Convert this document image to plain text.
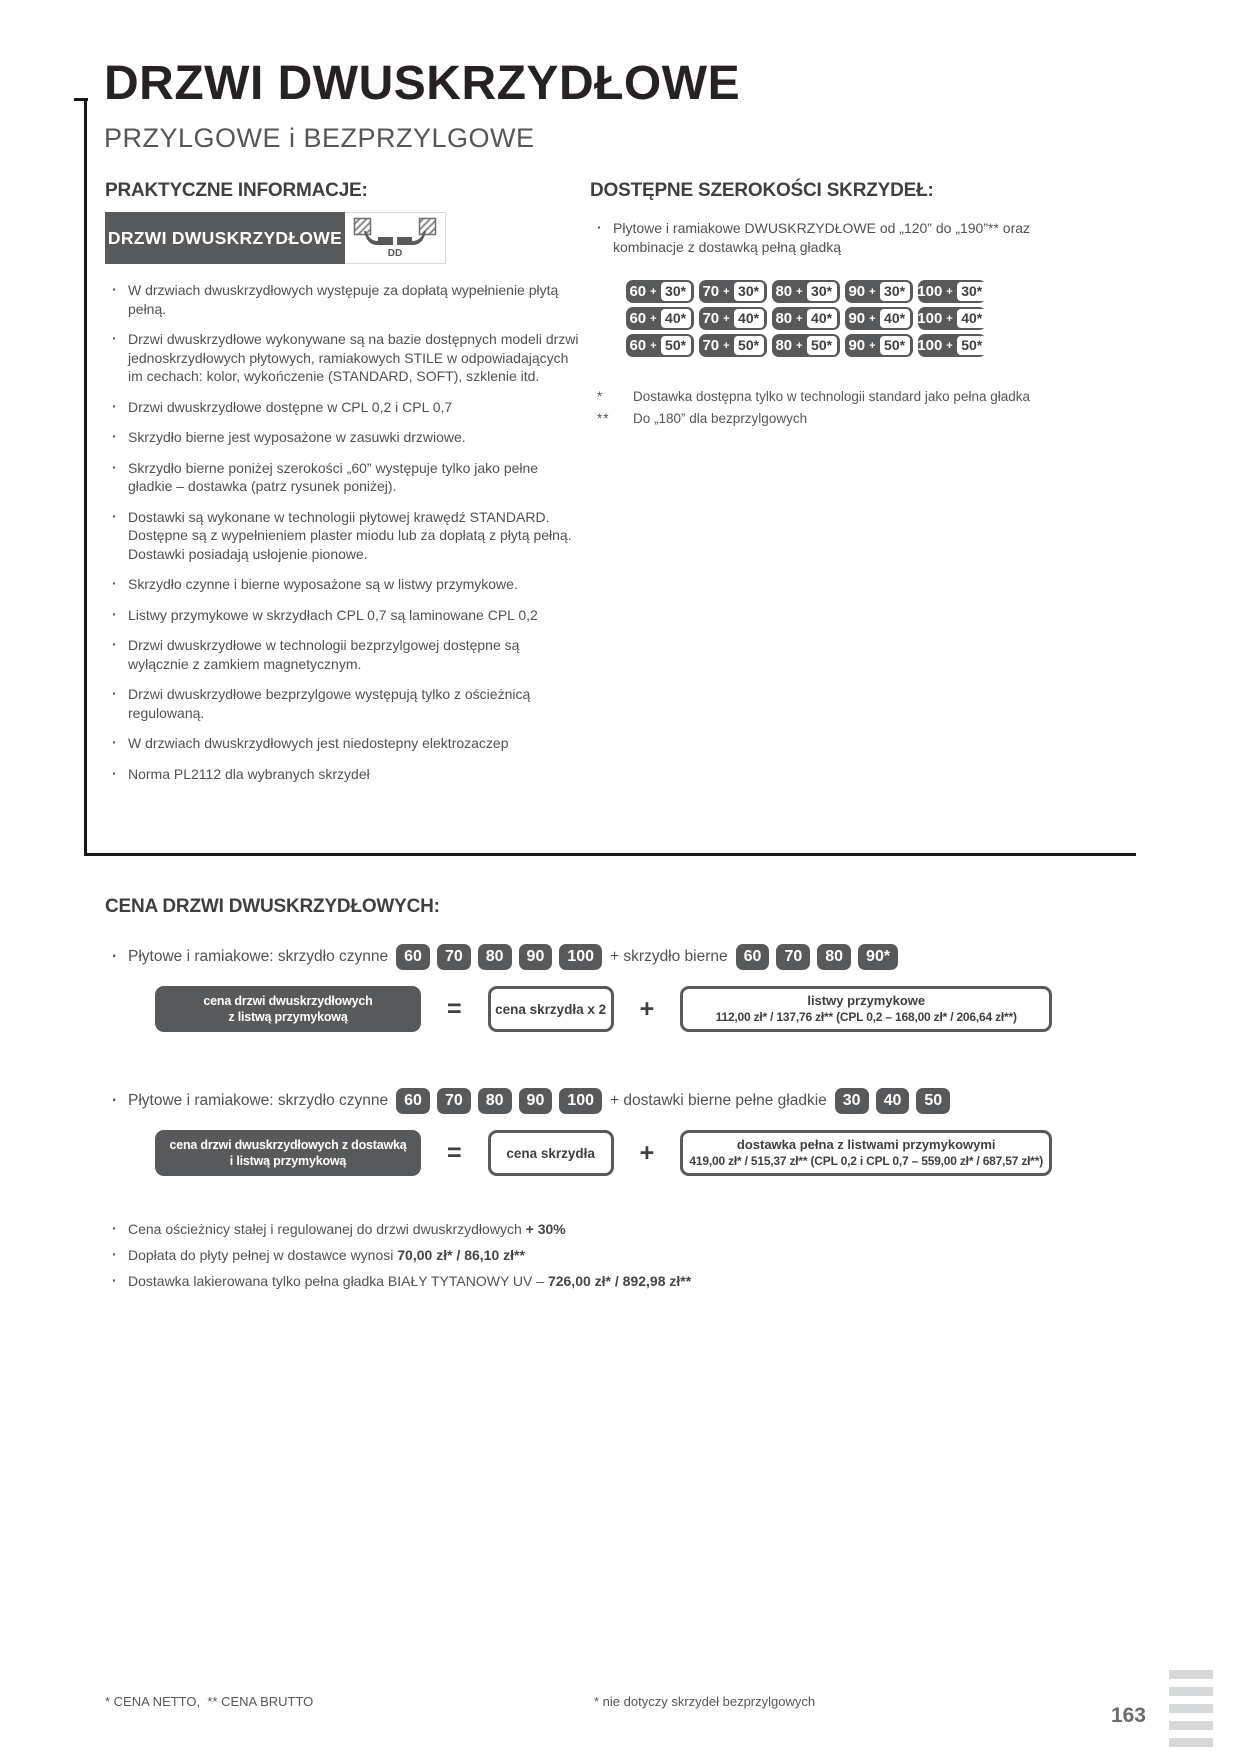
DRZWI DWUSKRZYDŁOWE
PRZYLGOWE i BEZPRZYLGOWE
PRAKTYCZNE INFORMACJE:
DRZWI DWUSKRZYDŁOWE
DD
· W drzwiach dwuskrzydłowych występuje za dopłatą wypełnienie płytą pełną.
· Drzwi dwuskrzydłowe wykonywane są na bazie dostępnych modeli drzwi jednoskrzydłowych płytowych, ramiakowych STILE w odpowiadających im cechach: kolor, wykończenie (STANDARD, SOFT), szklenie itd.
· Drzwi dwuskrzydłowe dostępne w CPL 0,2 i CPL 0,7
· Skrzydło bierne jest wyposażone w zasuwki drzwiowe.
· Skrzydło bierne poniżej szerokości „60” występuje tylko jako pełne gładkie – dostawka (patrz rysunek poniżej).
· Dostawki są wykonane w technologii płytowej krawędź STANDARD. Dostępne są z wypełnieniem plaster miodu lub za dopłatą z płytą pełną. Dostawki posiadają usłojenie pionowe.
· Skrzydło czynne i bierne wyposażone są w listwy przymykowe.
· Listwy przymykowe w skrzydłach CPL 0,7 są laminowane CPL 0,2
· Drzwi dwuskrzydłowe w technologii bezprzylgowej dostępne są wyłącznie z zamkiem magnetycznym.
· Drzwi dwuskrzydłowe bezprzylgowe występują tylko z ościeżnicą regulowaną.
· W drzwiach dwuskrzydłowych jest niedostepny elektrozaczep
· Norma PL2112 dla wybranych skrzydeł
DOSTĘPNE SZEROKOŚCI SKRZYDEŁ:
· Płytowe i ramiakowe DWUSKRZYDŁOWE od „120” do „190”** oraz kombinacje z dostawką pełną gładką
60 + 30* 70 + 30* 80 + 30* 90 + 30* 100 + 30*
60 + 40* 70 + 40* 80 + 40* 90 + 40* 100 + 40*
60 + 50* 70 + 50* 80 + 50* 90 + 50* 100 + 50*
*	Dostawka dostępna tylko w technologii standard jako pełna gładka
**	Do „180” dla bezprzylgowych
CENA DRZWI DWUSKRZYDŁOWYCH:
· Płytowe i ramiakowe: skrzydło czynne	60	70	80	90	100	+ skrzydło bierne	60	70	80	90*
cena drzwi dwuskrzydłowych
z listwą przymykową	=	cena skrzydła x 2 +	listwy przymykowe
112,00 zł* / 137,76 zł** (CPL 0,2 – 168,00 zł* / 206,64 zł**)
· Płytowe i ramiakowe: skrzydło czynne	60	70	80	90	100	+ dostawki bierne pełne gładkie	30	40	50
cena drzwi dwuskrzydłowych z dostawką
i listwą przymykową	=	cena skrzydła	+	dostawka pełna z listwami przymykowymi
419,00 zł* / 515,37 zł** (CPL 0,2 i CPL 0,7 – 559,00 zł* / 687,57 zł**)
· Cena ościeżnicy stałej i regulowanej do drzwi dwuskrzydłowych + 30%
· Dopłata do płyty pełnej w dostawce wynosi 70,00 zł* / 86,10 zł**
· Dostawka lakierowana tylko pełna gładka BIAŁY TYTANOWY UV – 726,00 zł* / 892,98 zł**
* CENA NETTO,  ** CENA BRUTTO	* nie dotyczy skrzydeł bezprzylgowych
163
